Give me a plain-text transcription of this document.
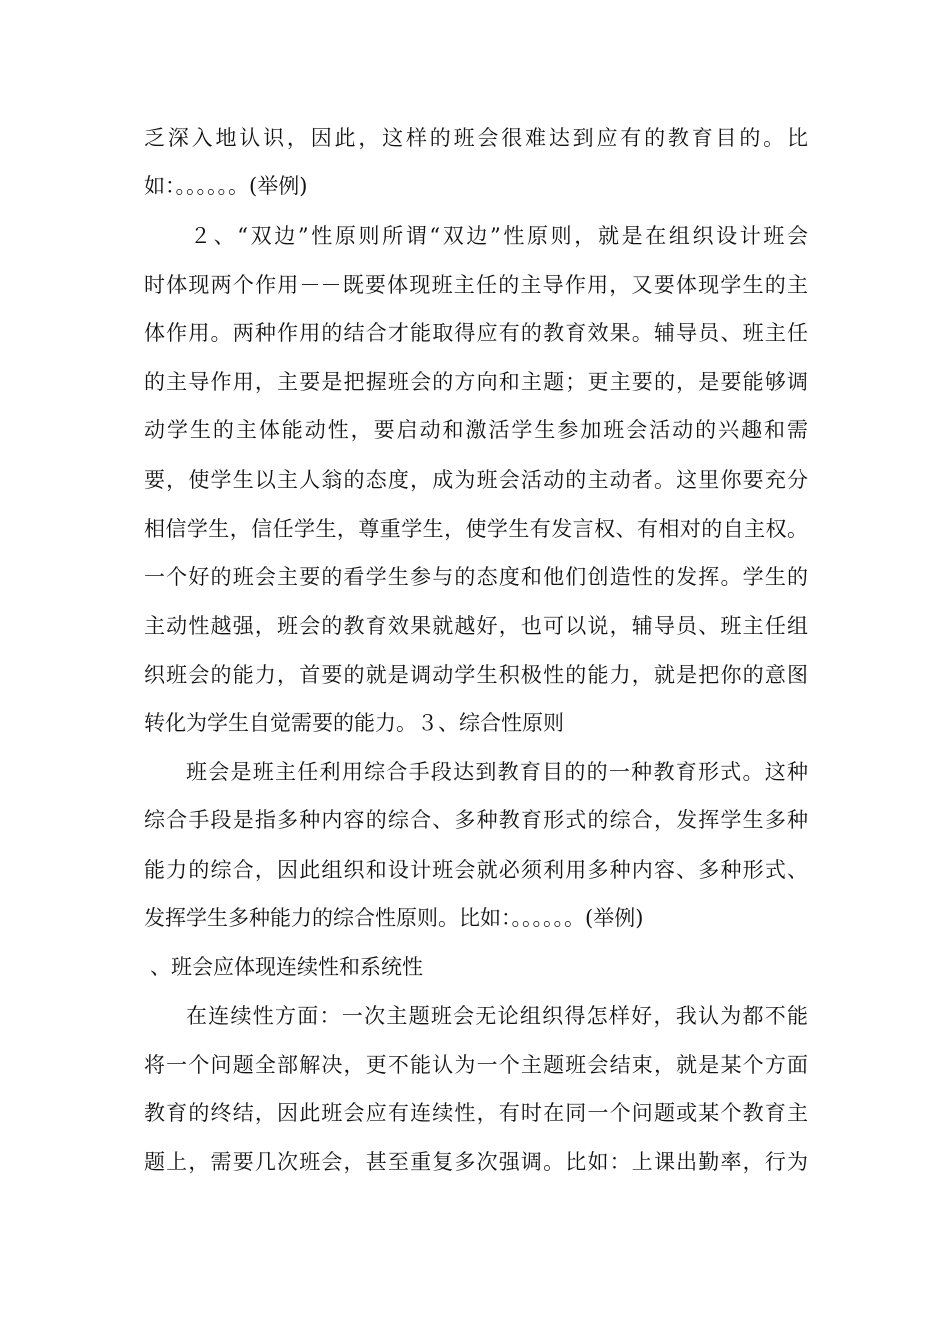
乏深入地认识，因此，这样的班会很难达到应有的教育目的。比
如：。。。。。。(举例)
２、“双边”性原则所谓“双边”性原则，就是在组织设计班会
时体现两个作用－－既要体现班主任的主导作用，又要体现学生的主
体作用。两种作用的结合才能取得应有的教育效果。辅导员、班主任
的主导作用，主要是把握班会的方向和主题；更主要的，是要能够调
动学生的主体能动性，要启动和激活学生参加班会活动的兴趣和需
要，使学生以主人翁的态度，成为班会活动的主动者。这里你要充分
相信学生，信任学生，尊重学生，使学生有发言权、有相对的自主权。
一个好的班会主要的看学生参与的态度和他们创造性的发挥。学生的
主动性越强，班会的教育效果就越好，也可以说，辅导员、班主任组
织班会的能力，首要的就是调动学生积极性的能力，就是把你的意图
转化为学生自觉需要的能力。３、综合性原则
班会是班主任利用综合手段达到教育目的的一种教育形式。这种
综合手段是指多种内容的综合、多种教育形式的综合，发挥学生多种
能力的综合，因此组织和设计班会就必须利用多种内容、多种形式、
发挥学生多种能力的综合性原则。比如：。。。。。。(举例)
、班会应体现连续性和系统性
在连续性方面：一次主题班会无论组织得怎样好，我认为都不能
将一个问题全部解决，更不能认为一个主题班会结束，就是某个方面
教育的终结，因此班会应有连续性，有时在同一个问题或某个教育主
题上，需要几次班会，甚至重复多次强调。比如：上课出勤率，行为
